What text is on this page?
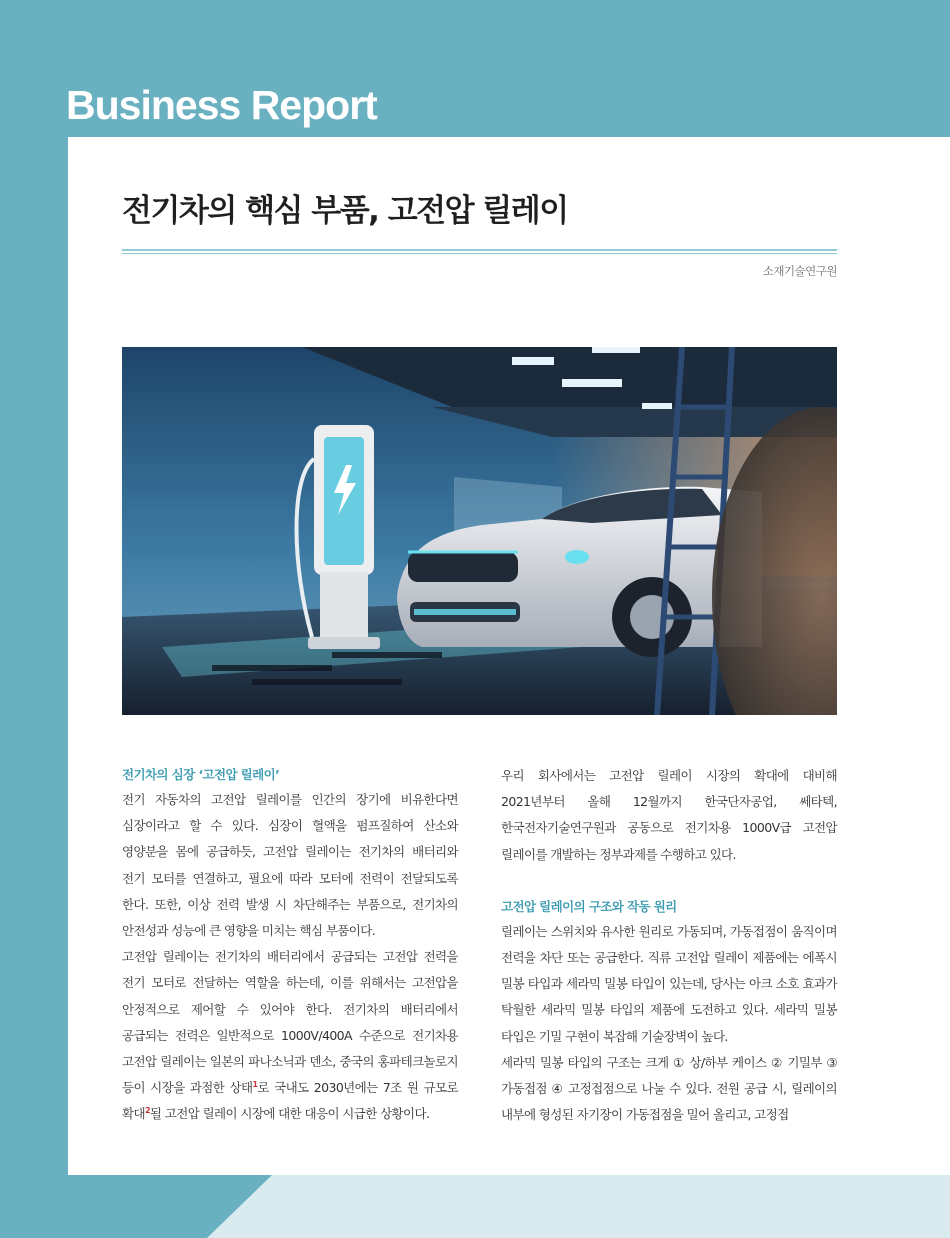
Business Report
전기차의 핵심 부품, 고전압 릴레이
소재기술연구원
전기차의 심장 ‘고전압 릴레이’

전기 자동차의 고전압 릴레이를 인간의 장기에 비유한다면 심장이라고 할 수 있다. 심장이 혈액을 펌프질하여 산소와 영양분을 몸에 공급하듯, 고전압 릴레이는 전기차의 배터리와 전기 모터를 연결하고, 필요에 따라 모터에 전력이 전달되도록 한다. 또한, 이상 전력 발생 시 차단해주는 부품으로, 전기차의 안전성과 성능에 큰 영향을 미치는 핵심 부품이다.

고전압 릴레이는 전기차의 배터리에서 공급되는 고전압 전력을 전기 모터로 전달하는 역할을 하는데, 이를 위해서는 고전압을 안정적으로 제어할 수 있어야 한다. 전기차의 배터리에서 공급되는 전력은 일반적으로 1000V/400A 수준으로 전기차용 고전압 릴레이는 일본의 파나소닉과 덴소, 중국의 홍파테크놀로지 등이 시장을 과점한 상태$^1$로 국내도 2030년에는 7조 원 규모로 확대$^2$될 고전압 릴레이 시장에 대한 대응이 시급한 상황이다.

우리 회사에서는 고전압 릴레이 시장의 확대에 대비해 2021년부터 올해 12월까지 한국단자공업, 쎄타텍, 한국전자기술연구원과 공동으로 전기차용 1000V급 고전압 릴레이를 개발하는 정부과제를 수행하고 있다.

고전압 릴레이의 구조와 작동 원리

릴레이는 스위치와 유사한 원리로 가동되며, 가동접점이 움직이며 전력을 차단 또는 공급한다. 직류 고전압 릴레이 제품에는 에폭시 밀봉 타입과 세라믹 밀봉 타입이 있는데, 당사는 아크 소호 효과가 탁월한 세라믹 밀봉 타입의 제품에 도전하고 있다. 세라믹 밀봉 타입은 기밀 구현이 복잡해 기술장벽이 높다.

세라믹 밀봉 타입의 구조는 크게 ① 상/하부 케이스 ② 기밀부 ③ 가동접점 ④ 고정접점으로 나눌 수 있다. 전원 공급 시, 릴레이의 내부에 형성된 자기장이 가동접점을 밀어 올리고, 고정접
